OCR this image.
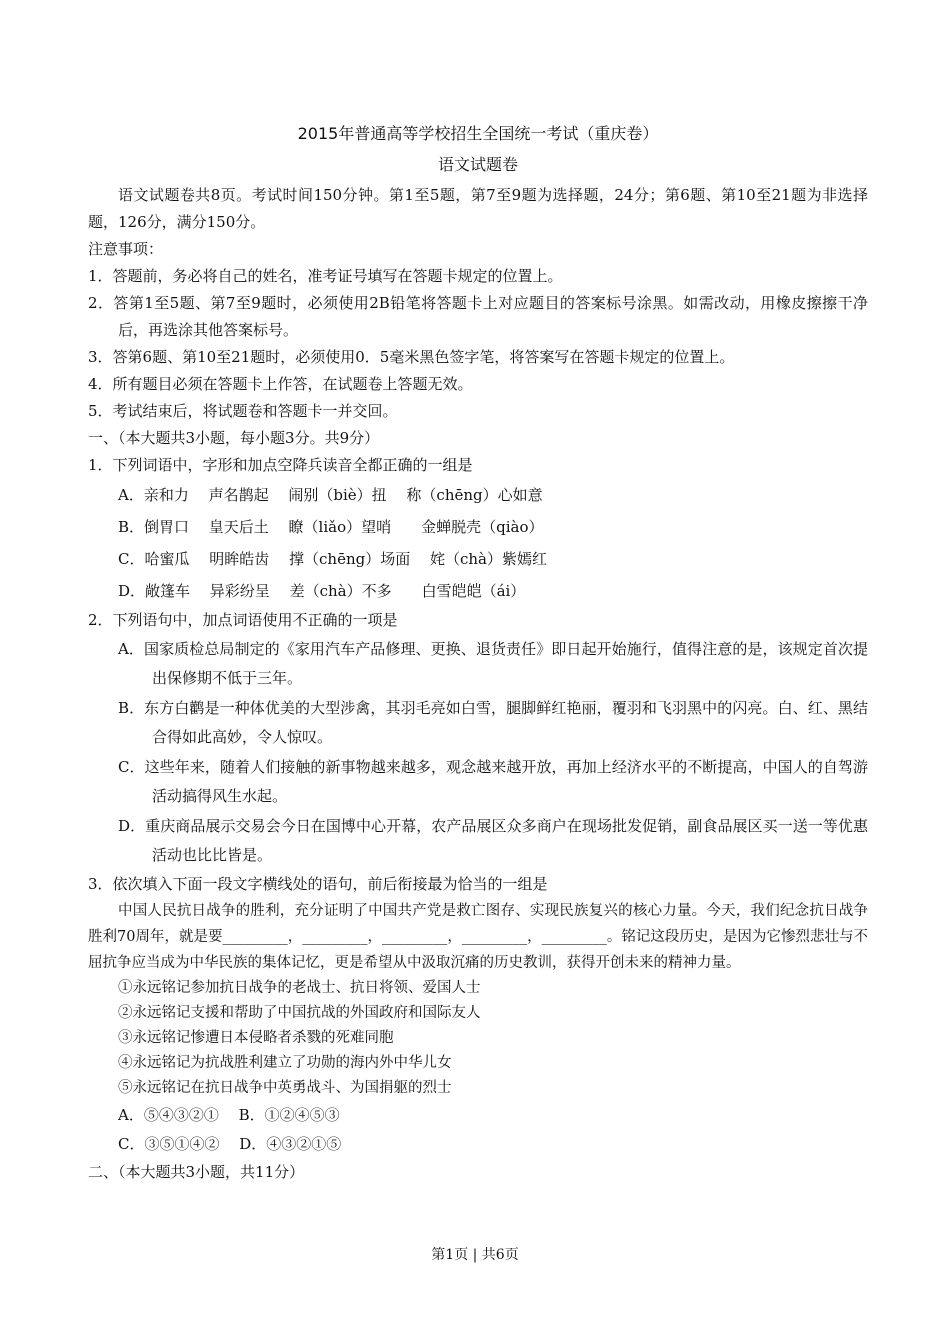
2015年普通高等学校招生全国统一考试（重庆卷）
语文试题卷
语文试题卷共8页。考试时间150分钟。第1至5题，第7至9题为选择题，24分；第6题、第10至21题为非选择题，126分，满分150分。
注意事项：
1．答题前，务必将自己的姓名，准考证号填写在答题卡规定的位置上。
2．答第1至5题、第7至9题时，必须使用2B铅笔将答题卡上对应题目的答案标号涂黑。如需改动，用橡皮擦擦干净后，再选涂其他答案标号。
3．答第6题、第10至21题时，必须使用0．5毫米黑色签字笔，将答案写在答题卡规定的位置上。
4．所有题目必须在答题卡上作答，在试题卷上答题无效。
5．考试结束后，将试题卷和答题卡一并交回。
一、（本大题共3小题，每小题3分。共9分）
1．下列词语中，字形和加点空降兵读音全都正确的一组是
A．亲和力　 声名鹊起　 闹别（biè）扭　 称（chēng）心如意
B．倒胃口　 皇天后土　 瞭（liǎo）望哨　　金蝉脱壳（qiào）
C．哈蜜瓜　 明眸皓齿　 撑（chēng）场面　 姹（chà）紫嫣红
D．敞篷车　 异彩纷呈　 差（chà）不多　　白雪皑皑（ái）
2．下列语句中，加点词语使用不正确的一项是
A．国家质检总局制定的《家用汽车产品修理、更换、退货责任》即日起开始施行，值得注意的是，该规定首次提出保修期不低于三年。
B．东方白鹳是一种体优美的大型涉禽，其羽毛亮如白雪，腿脚鲜红艳丽，覆羽和飞羽黑中的闪亮。白、红、黑结合得如此高妙，令人惊叹。
C．这些年来，随着人们接触的新事物越来越多，观念越来越开放，再加上经济水平的不断提高，中国人的自驾游活动搞得风生水起。
D．重庆商品展示交易会今日在国博中心开幕，农产品展区众多商户在现场批发促销，副食品展区买一送一等优惠活动也比比皆是。
3．依次填入下面一段文字横线处的语句，前后衔接最为恰当的一组是
中国人民抗日战争的胜利，充分证明了中国共产党是救亡图存、实现民族复兴的核心力量。今天，我们纪念抗日战争胜利70周年，就是要_________，_________，_________，_________，_________。铭记这段历史，是因为它惨烈悲壮与不屈抗争应当成为中华民族的集体记忆，更是希望从中汲取沉痛的历史教训，获得开创未来的精神力量。
①永远铭记参加抗日战争的老战士、抗日将领、爱国人士
②永远铭记支援和帮助了中国抗战的外国政府和国际友人
③永远铭记惨遭日本侵略者杀戮的死难同胞
④永远铭记为抗战胜利建立了功勋的海内外中华儿女
⑤永远铭记在抗日战争中英勇战斗、为国捐躯的烈士
A．⑤④③②①　 B．①②④⑤③
C．③⑤①④②　 D．④③②①⑤
二、（本大题共3小题，共11分）
第1页 | 共6页
